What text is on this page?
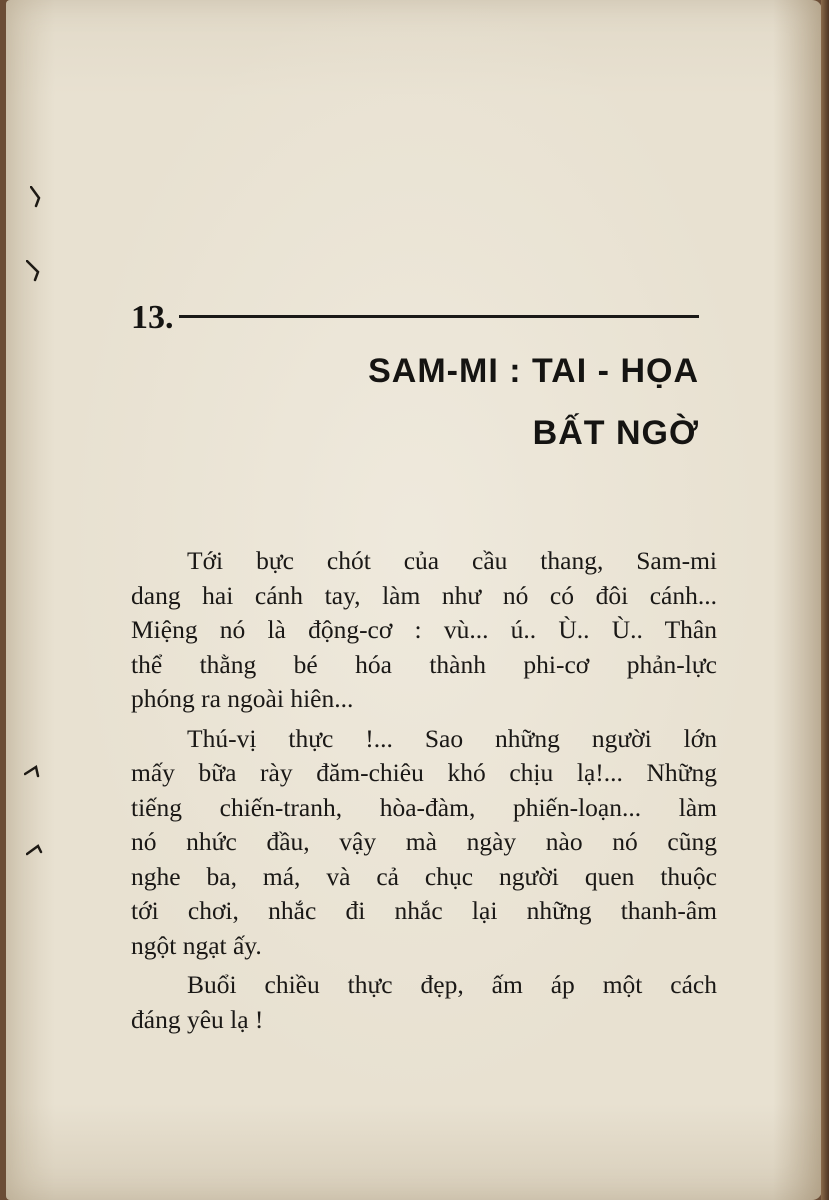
13.
SAM-MI : TAI - HỌA
BẤT NGỜ
Tới bực chót của cầu thang, Sam-mi
dang hai cánh tay, làm như nó có đôi cánh...
Miệng nó là động-cơ : vù... ú.. Ù.. Ù.. Thân
thể thằng bé hóa thành phi-cơ phản-lực
phóng ra ngoài hiên...
Thú-vị thực !... Sao những người lớn
mấy bữa rày đăm-chiêu khó chịu lạ!... Những
tiếng chiến-tranh, hòa-đàm, phiến-loạn... làm
nó nhức đầu, vậy mà ngày nào nó cũng
nghe ba, má, và cả chục người quen thuộc
tới chơi, nhắc đi nhắc lại những thanh-âm
ngột ngạt ấy.
Buổi chiều thực đẹp, ấm áp một cách
đáng yêu lạ !
